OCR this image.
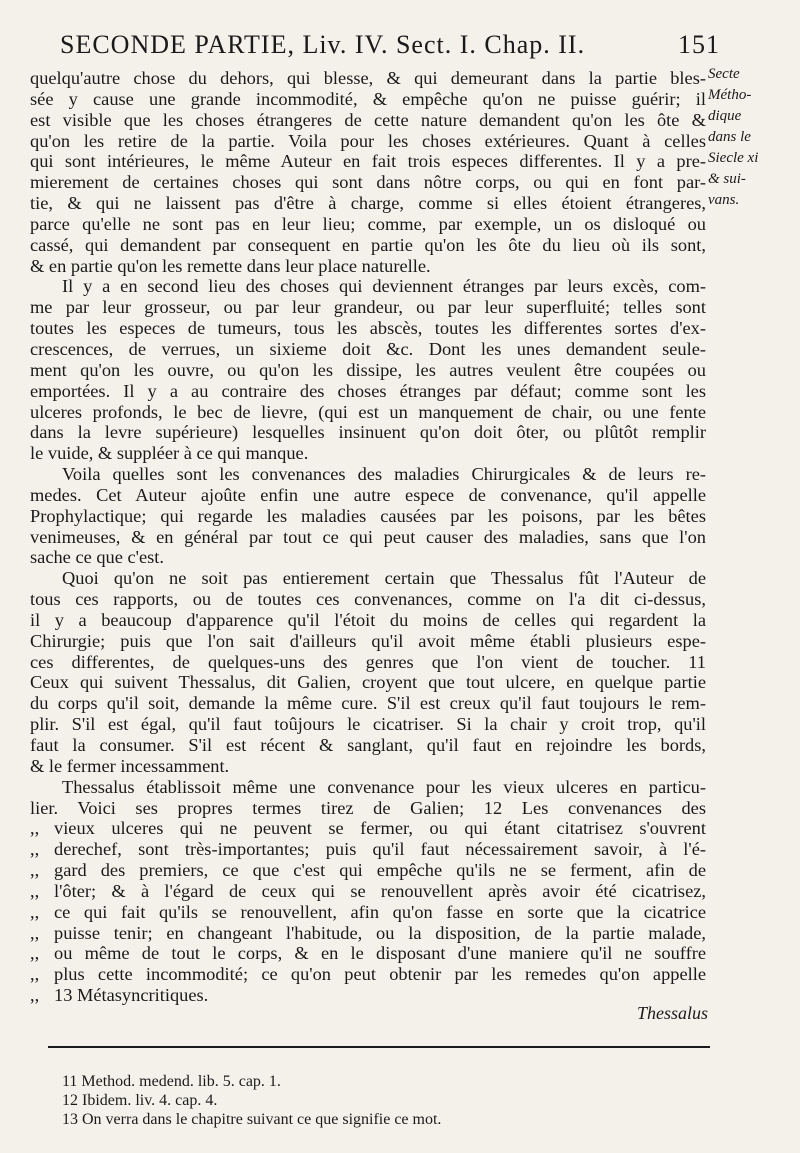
SECONDE PARTIE, Liv. IV. Sect. I. Chap. II.	151
Secte
Métho-
dique
dans le
Siecle xi
& sui-
vans.
quelqu'autre chose du dehors, qui blesse, & qui demeurant dans la partie bles-
sée y cause une grande incommodité, & empêche qu'on ne puisse guérir; il
est visible que les choses étrangeres de cette nature demandent qu'on les ôte &
qu'on les retire de la partie. Voila pour les choses extérieures. Quant à celles
qui sont intérieures, le même Auteur en fait trois especes differentes. Il y a pre-
mierement de certaines choses qui sont dans nôtre corps, ou qui en font par-
tie, & qui ne laissent pas d'être à charge, comme si elles étoient étrangeres,
parce qu'elle ne sont pas en leur lieu; comme, par exemple, un os disloqué ou
cassé, qui demandent par consequent en partie qu'on les ôte du lieu où ils sont,
& en partie qu'on les remette dans leur place naturelle.
Il y a en second lieu des choses qui deviennent étranges par leurs excès, com-
me par leur grosseur, ou par leur grandeur, ou par leur superfluité; telles sont
toutes les especes de tumeurs, tous les abscès, toutes les differentes sortes d'ex-
crescences, de verrues, un sixieme doit &c. Dont les unes demandent seule-
ment qu'on les ouvre, ou qu'on les dissipe, les autres veulent être coupées ou
emportées. Il y a au contraire des choses étranges par défaut; comme sont les
ulceres profonds, le bec de lievre, (qui est un manquement de chair, ou une fente
dans la levre supérieure) lesquelles insinuent qu'on doit ôter, ou plûtôt remplir
le vuide, & suppléer à ce qui manque.
Voila quelles sont les convenances des maladies Chirurgicales & de leurs re-
medes. Cet Auteur ajoûte enfin une autre espece de convenance, qu'il appelle
Prophylactique; qui regarde les maladies causées par les poisons, par les bêtes
venimeuses, & en général par tout ce qui peut causer des maladies, sans que l'on
sache ce que c'est.
Quoi qu'on ne soit pas entierement certain que Thessalus fût l'Auteur de
tous ces rapports, ou de toutes ces convenances, comme on l'a dit ci-dessus,
il y a beaucoup d'apparence qu'il l'étoit du moins de celles qui regardent la
Chirurgie; puis que l'on sait d'ailleurs qu'il avoit même établi plusieurs espe-
ces differentes, de quelques-uns des genres que l'on vient de toucher. 11
Ceux qui suivent Thessalus, dit Galien, croyent que tout ulcere, en quelque partie
du corps qu'il soit, demande la même cure. S'il est creux qu'il faut toujours le rem-
plir. S'il est égal, qu'il faut toûjours le cicatriser. Si la chair y croit trop, qu'il
faut la consumer. S'il est récent & sanglant, qu'il faut en rejoindre les bords,
& le fermer incessamment.
Thessalus établissoit même une convenance pour les vieux ulceres en particu-
lier. Voici ses propres termes tirez de Galien; 12 Les convenances des
,, vieux ulceres qui ne peuvent se fermer, ou qui étant citatrisez s'ouvrent
,, derechef, sont très-importantes; puis qu'il faut nécessairement savoir, à l'é-
,, gard des premiers, ce que c'est qui empêche qu'ils ne se ferment, afin de
,, l'ôter; & à l'égard de ceux qui se renouvellent après avoir été cicatrisez,
,, ce qui fait qu'ils se renouvellent, afin qu'on fasse en sorte que la cicatrice
,, puisse tenir; en changeant l'habitude, ou la disposition, de la partie malade,
,, ou même de tout le corps, & en le disposant d'une maniere qu'il ne souffre
,, plus cette incommodité; ce qu'on peut obtenir par les remedes qu'on appelle
,, 13 Métasyncritiques.
Thessalus
11 Method. medend. lib. 5. cap. 1.
12 Ibidem. liv. 4. cap. 4.
13 On verra dans le chapitre suivant ce que signifie ce mot.
